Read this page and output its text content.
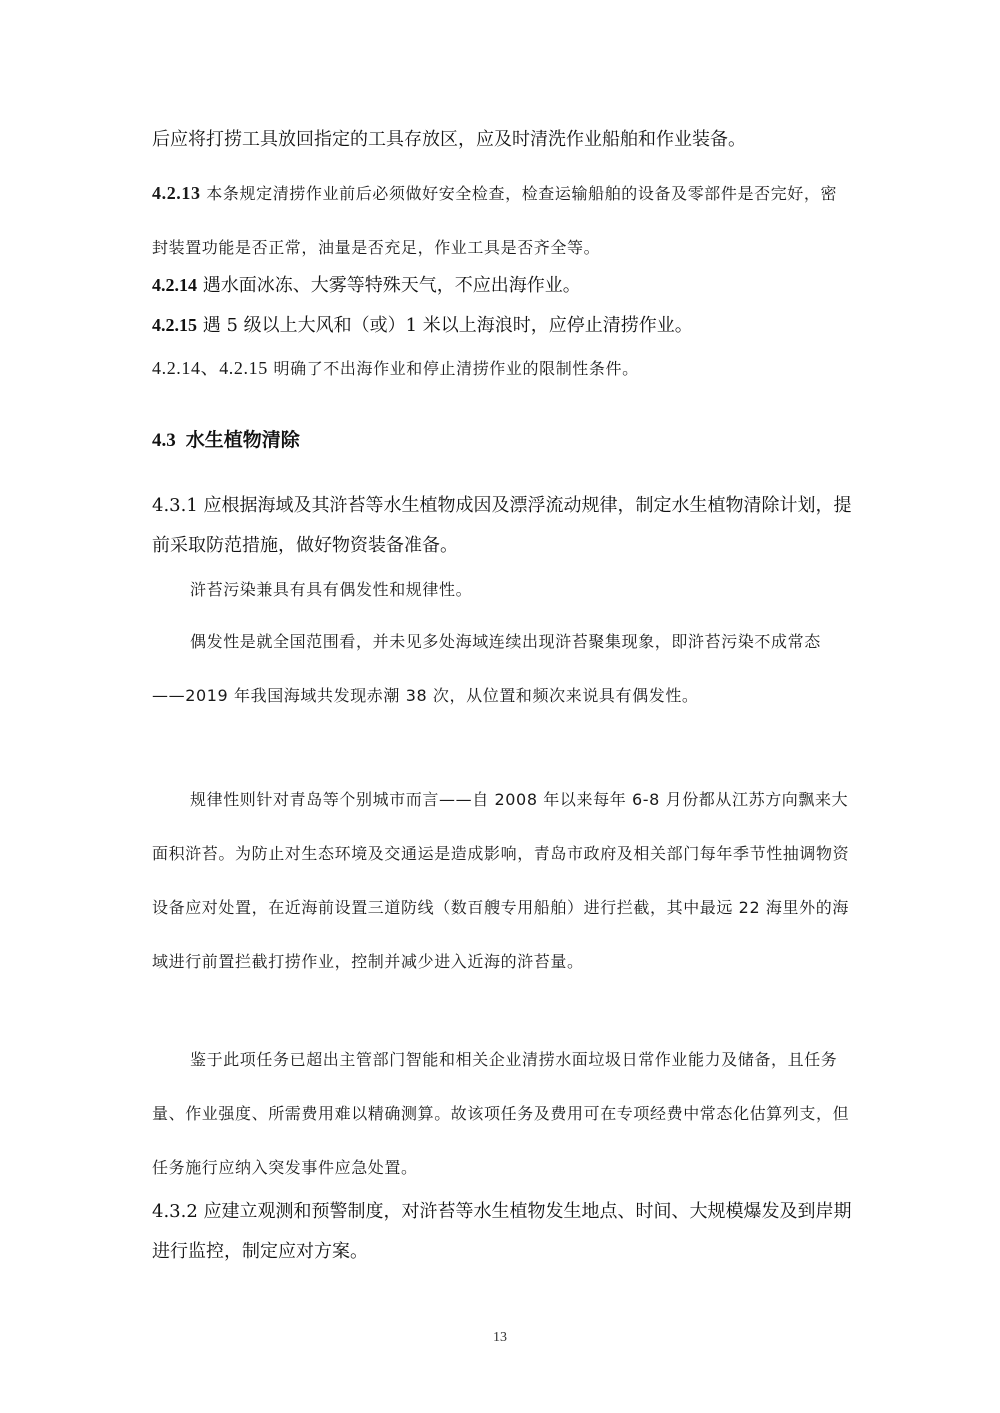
后应将打捞工具放回指定的工具存放区，应及时清洗作业船舶和作业装备。

4.2.13 本条规定清捞作业前后必须做好安全检查，检查运输船舶的设备及零部件是否完好，密封装置功能是否正常，油量是否充足，作业工具是否齐全等。

4.2.14 遇水面冰冻、大雾等特殊天气，不应出海作业。

4.2.15 遇 5 级以上大风和（或）1 米以上海浪时，应停止清捞作业。

4.2.14、4.2.15 明确了不出海作业和停止清捞作业的限制性条件。

4.3 水生植物清除

4.3.1 应根据海域及其浒苔等水生植物成因及漂浮流动规律，制定水生植物清除计划，提前采取防范措施，做好物资装备准备。

浒苔污染兼具有具有偶发性和规律性。

偶发性是就全国范围看，并未见多处海域连续出现浒苔聚集现象，即浒苔污染不成常态——2019 年我国海域共发现赤潮 38 次，从位置和频次来说具有偶发性。

规律性则针对青岛等个别城市而言——自 2008 年以来每年 6-8 月份都从江苏方向飘来大面积浒苔。为防止对生态环境及交通运是造成影响，青岛市政府及相关部门每年季节性抽调物资设备应对处置，在近海前设置三道防线（数百艘专用船舶）进行拦截，其中最远 22 海里外的海域进行前置拦截打捞作业，控制并减少进入近海的浒苔量。

鉴于此项任务已超出主管部门智能和相关企业清捞水面垃圾日常作业能力及储备，且任务量、作业强度、所需费用难以精确测算。故该项任务及费用可在专项经费中常态化估算列支，但任务施行应纳入突发事件应急处置。

4.3.2 应建立观测和预警制度，对浒苔等水生植物发生地点、时间、大规模爆发及到岸期进行监控，制定应对方案。

13
